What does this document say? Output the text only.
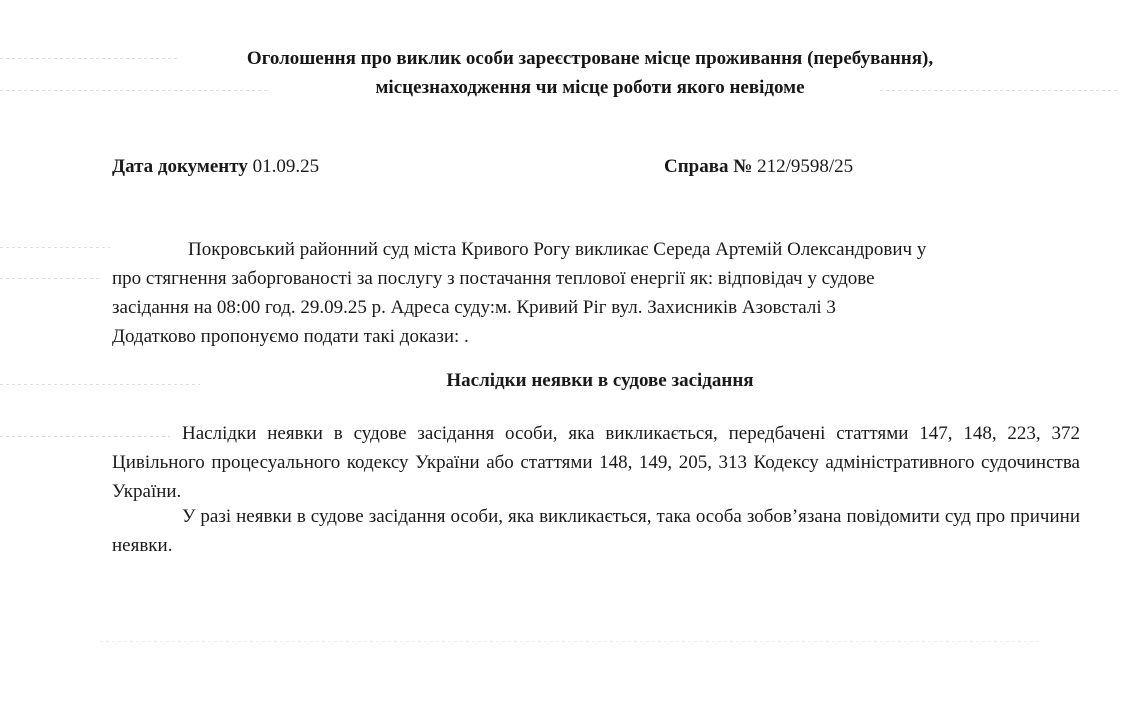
Оголошення про виклик особи зареєстроване місце проживання (перебування),
місцезнаходження чи місце роботи якого невідоме
Дата документу 01.09.25	Справа № 212/9598/25
Покровський районний суд міста Кривого Рогу викликає Середа Артемій Олександрович у
про стягнення заборгованості за послугу з постачання теплової енергії як: відповідач у судове
засідання на 08:00 год. 29.09.25 р. Адреса суду:м. Кривий Ріг вул. Захисників Азовсталі 3
Додатково пропонуємо подати такі докази: .
Наслідки неявки в судове засідання
Наслідки неявки в судове засідання особи, яка викликається, передбачені статтями 147, 148, 223, 372 Цивільного процесуального кодексу України або статтями 148, 149, 205, 313 Кодексу адміністративного судочинства України.
У разі неявки в судове засідання особи, яка викликається, така особа зобов’язана повідомити суд про причини неявки.
